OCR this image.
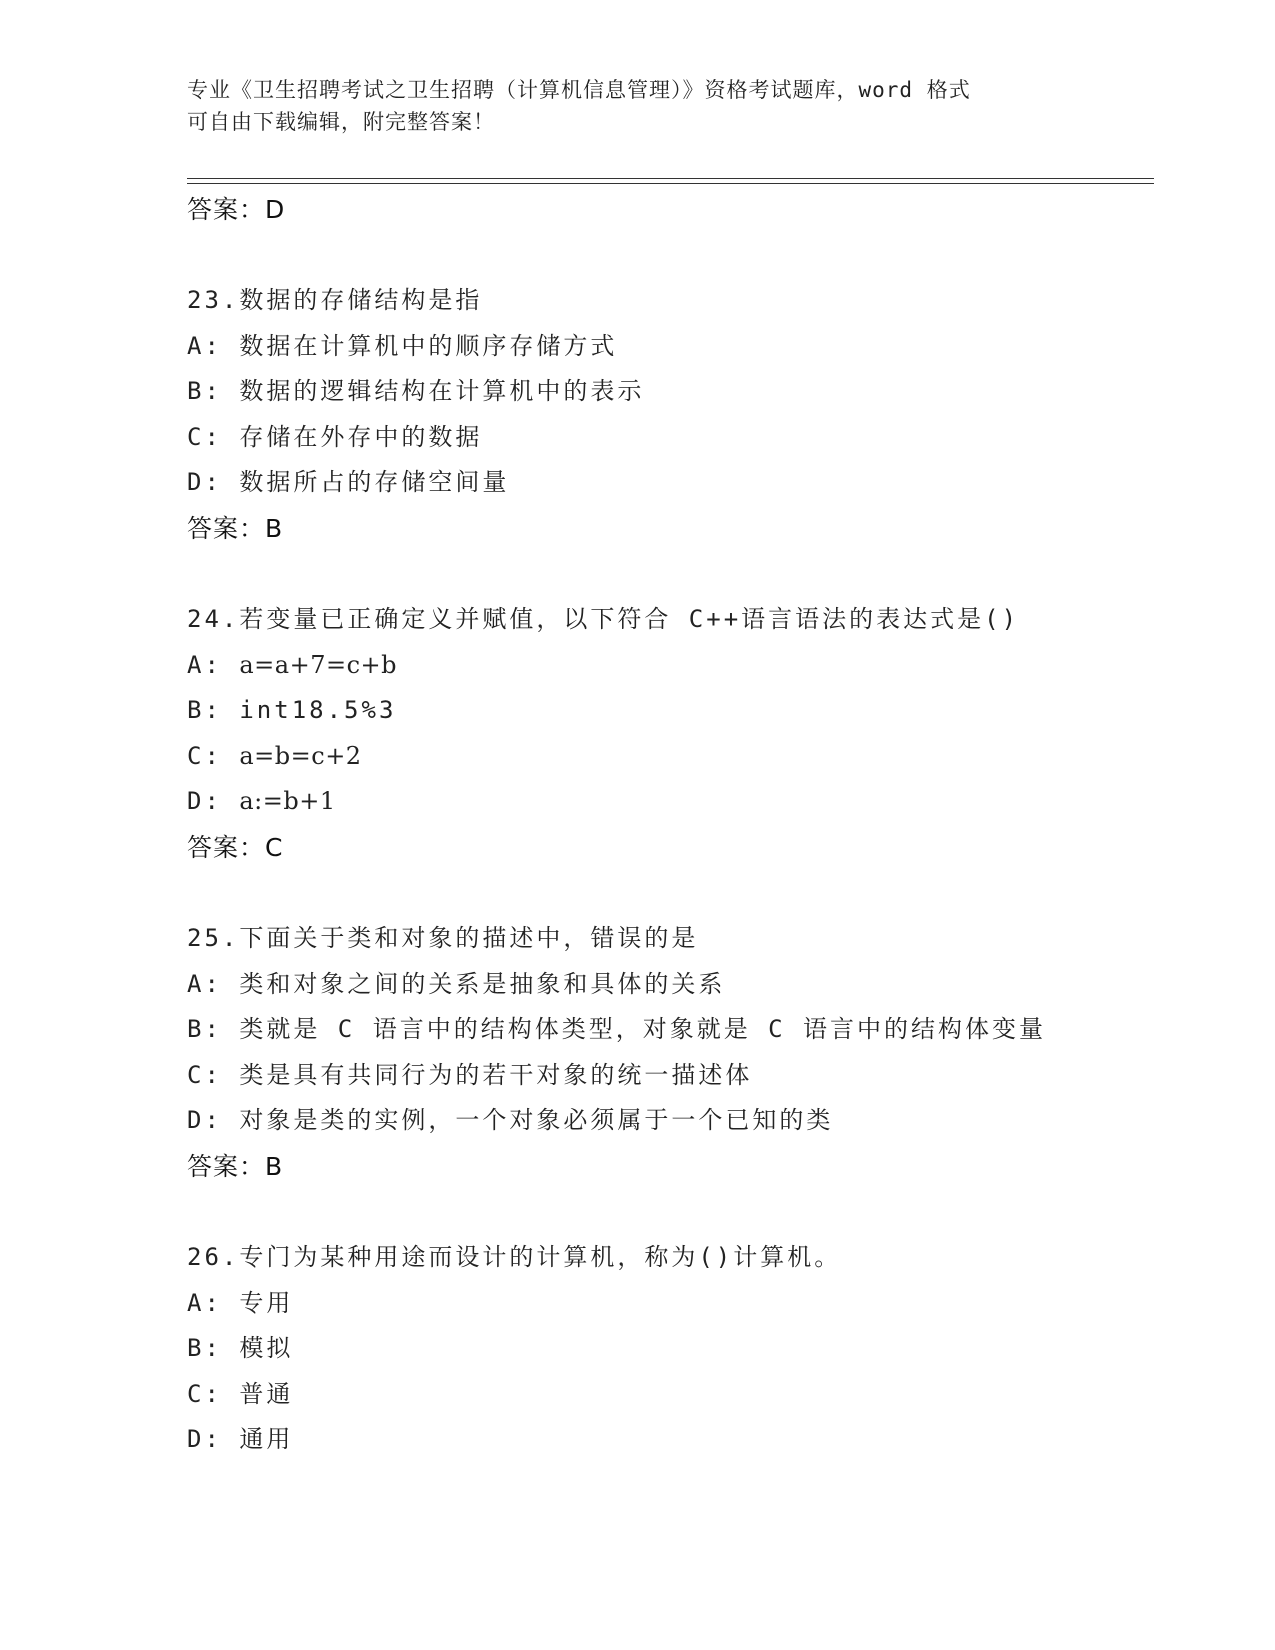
专业《卫生招聘考试之卫生招聘（计算机信息管理）》资格考试题库，word 格式
可自由下载编辑，附完整答案！
答案：D
23.数据的存储结构是指
A: 数据在计算机中的顺序存储方式
B: 数据的逻辑结构在计算机中的表示
C: 存储在外存中的数据
D: 数据所占的存储空间量
答案：B
24.若变量已正确定义并赋值，以下符合 C++语言语法的表达式是()
A: a=a+7=c+b
B: int18.5%3
C: a=b=c+2
D: a:=b+1
答案：C
25.下面关于类和对象的描述中，错误的是
A: 类和对象之间的关系是抽象和具体的关系
B: 类就是 C 语言中的结构体类型，对象就是 C 语言中的结构体变量
C: 类是具有共同行为的若干对象的统一描述体
D: 对象是类的实例，一个对象必须属于一个已知的类
答案：B
26.专门为某种用途而设计的计算机，称为()计算机。
A: 专用
B: 模拟
C: 普通
D: 通用
